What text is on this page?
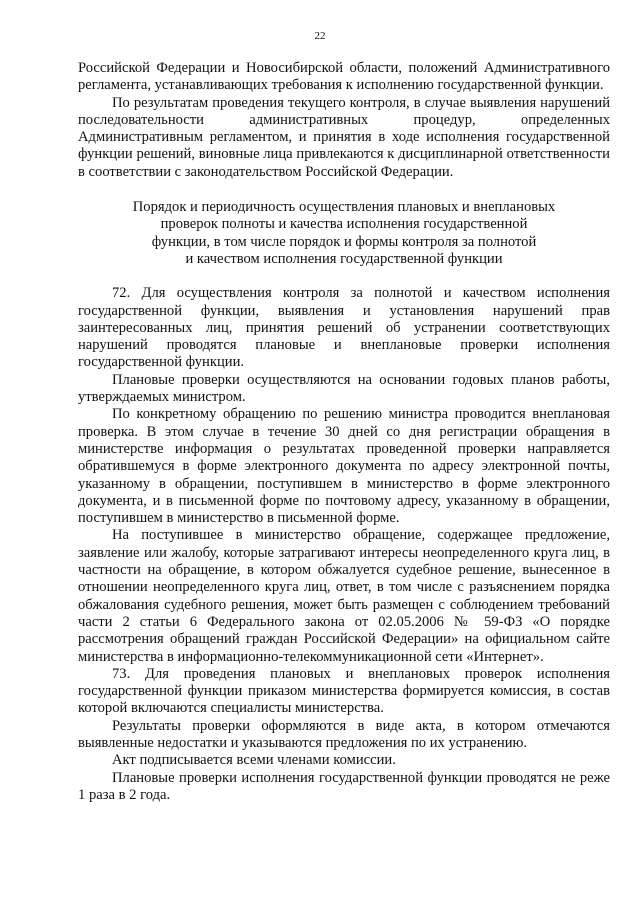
22

Российской Федерации и Новосибирской области, положений Административного регламента, устанавливающих требования к исполнению государственной функции.

По результатам проведения текущего контроля, в случае выявления нарушений последовательности административных процедур, определенных Административным регламентом, и принятия в ходе исполнения государственной функции решений, виновные лица привлекаются к дисциплинарной ответственности в соответствии с законодательством Российской Федерации.

Порядок и периодичность осуществления плановых и внеплановых
проверок полноты и качества исполнения государственной
функции, в том числе порядок и формы контроля за полнотой
и качеством исполнения государственной функции

72. Для осуществления контроля за полнотой и качеством исполнения государственной функции, выявления и установления нарушений прав заинтересованных лиц, принятия решений об устранении соответствующих нарушений проводятся плановые и внеплановые проверки исполнения государственной функции.

Плановые проверки осуществляются на основании годовых планов работы, утверждаемых министром.

По конкретному обращению по решению министра проводится внеплановая проверка. В этом случае в течение 30 дней со дня регистрации обращения в министерстве информация о результатах проведенной проверки направляется обратившемуся в форме электронного документа по адресу электронной почты, указанному в обращении, поступившем в министерство в форме электронного документа, и в письменной форме по почтовому адресу, указанному в обращении, поступившем в министерство в письменной форме.

На поступившее в министерство обращение, содержащее предложение, заявление или жалобу, которые затрагивают интересы неопределенного круга лиц, в частности на обращение, в котором обжалуется судебное решение, вынесенное в отношении неопределенного круга лиц, ответ, в том числе с разъяснением порядка обжалования судебного решения, может быть размещен с соблюдением требований части 2 статьи 6 Федерального закона от 02.05.2006 № 59-ФЗ «О порядке рассмотрения обращений граждан Российской Федерации» на официальном сайте министерства в информационно-телекоммуникационной сети «Интернет».

73. Для проведения плановых и внеплановых проверок исполнения государственной функции приказом министерства формируется комиссия, в состав которой включаются специалисты министерства.

Результаты проверки оформляются в виде акта, в котором отмечаются выявленные недостатки и указываются предложения по их устранению.

Акт подписывается всеми членами комиссии.

Плановые проверки исполнения государственной функции проводятся не реже 1 раза в 2 года.
